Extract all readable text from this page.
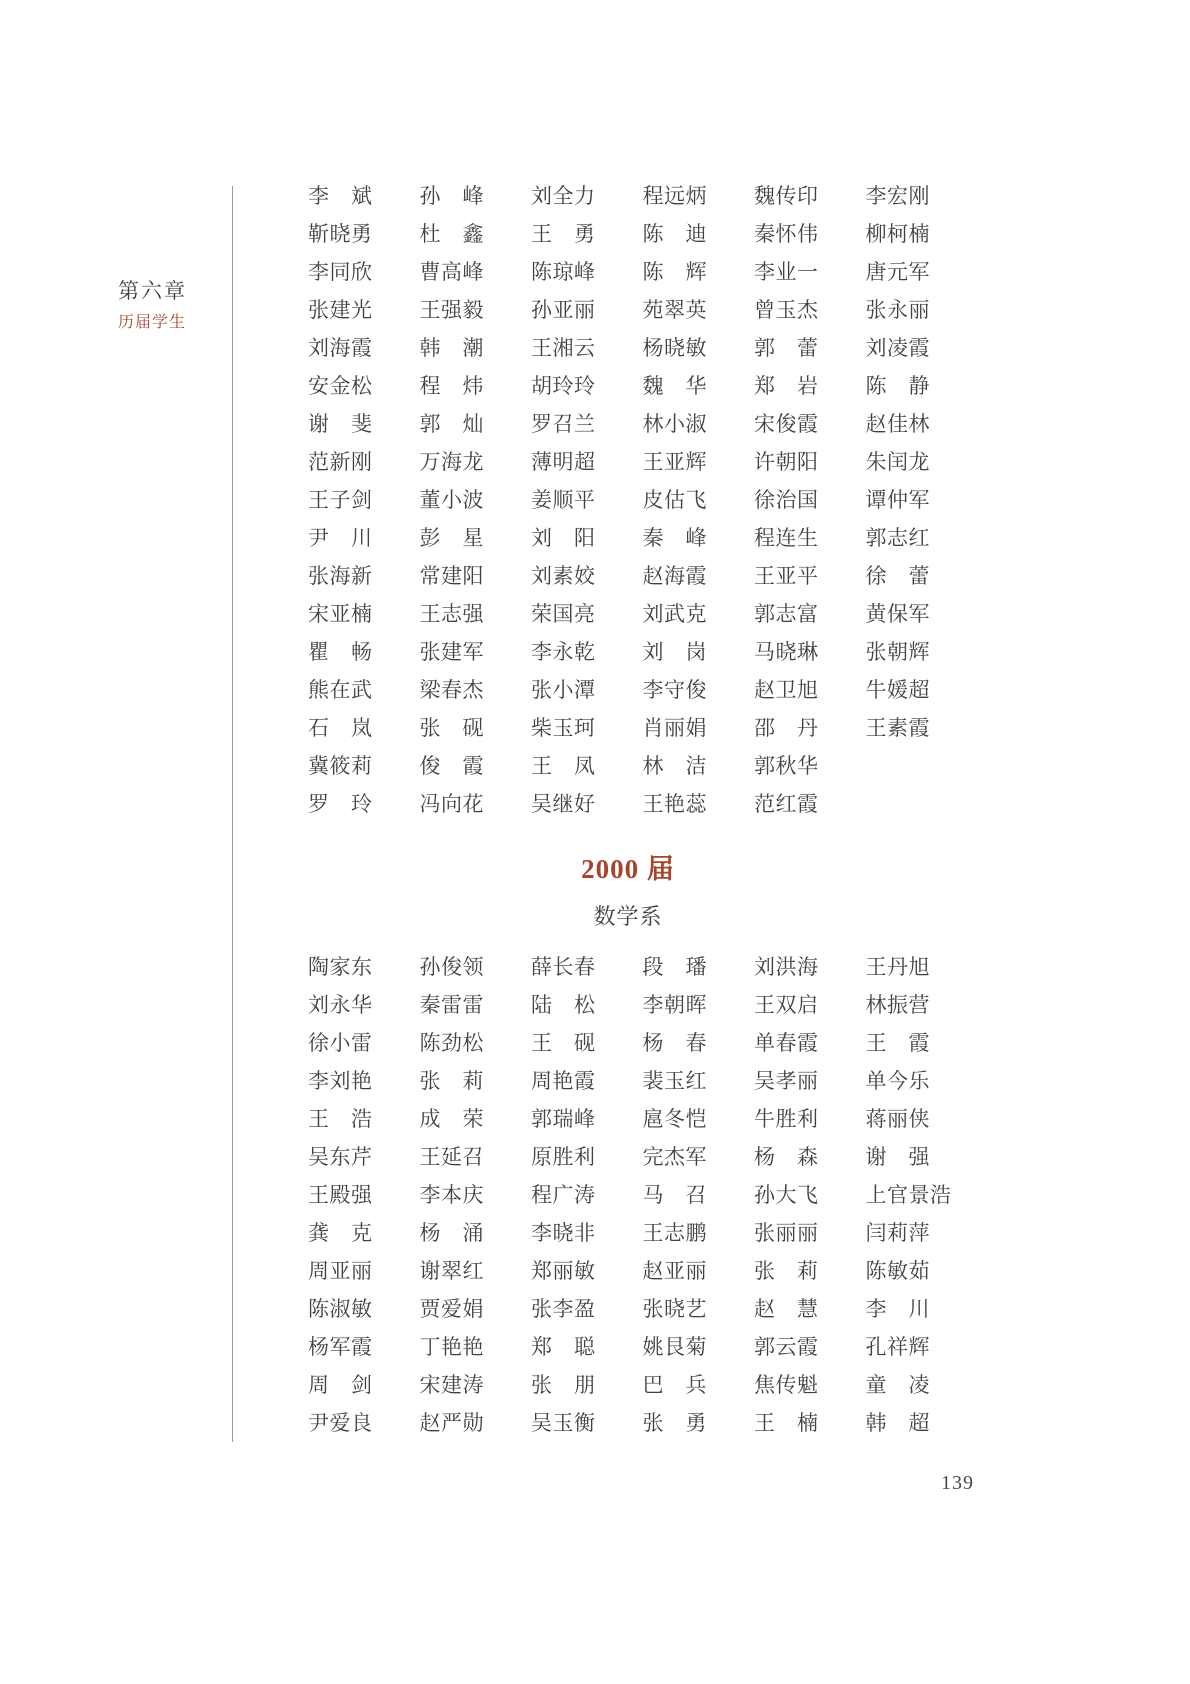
第六章
历届学生
李　斌	孙　峰	刘全力	程远炳	魏传印	李宏刚
靳晓勇	杜　鑫	王　勇	陈　迪	秦怀伟	柳柯楠
李同欣	曹高峰	陈琼峰	陈　辉	李业一	唐元军
张建光	王强毅	孙亚丽	苑翠英	曾玉杰	张永丽
刘海霞	韩　潮	王湘云	杨晓敏	郭　蕾	刘凌霞
安金松	程　炜	胡玲玲	魏　华	郑　岩	陈　静
谢　斐	郭　灿	罗召兰	林小淑	宋俊霞	赵佳林
范新刚	万海龙	薄明超	王亚辉	许朝阳	朱闰龙
王子剑	董小波	姜顺平	皮估飞	徐治国	谭仲军
尹　川	彭　星	刘　阳	秦　峰	程连生	郭志红
张海新	常建阳	刘素姣	赵海霞	王亚平	徐　蕾
宋亚楠	王志强	荣国亮	刘武克	郭志富	黄保军
瞿　畅	张建军	李永乾	刘　岗	马晓琳	张朝辉
熊在武	梁春杰	张小潭	李守俊	赵卫旭	牛媛超
石　岚	张　砚	柴玉珂	肖丽娟	邵　丹	王素霞
冀筱莉	俊　霞	王　凤	林　洁	郭秋华
罗　玲	冯向花	吴继好	王艳蕊	范红霞
2000 届
数学系
陶家东	孙俊领	薛长春	段　璠	刘洪海	王丹旭
刘永华	秦雷雷	陆　松	李朝晖	王双启	林振营
徐小雷	陈劲松	王　砚	杨　春	单春霞	王　霞
李刘艳	张　莉	周艳霞	裴玉红	吴孝丽	单今乐
王　浩	成　荣	郭瑞峰	扈冬恺	牛胜利	蒋丽侠
吴东芹	王延召	原胜利	完杰军	杨　森	谢　强
王殿强	李本庆	程广涛	马　召	孙大飞	上官景浩
龚　克	杨　涌	李晓非	王志鹏	张丽丽	闫莉萍
周亚丽	谢翠红	郑丽敏	赵亚丽	张　莉	陈敏茹
陈淑敏	贾爱娟	张李盈	张晓艺	赵　慧	李　川
杨军霞	丁艳艳	郑　聪	姚艮菊	郭云霞	孔祥辉
周　剑	宋建涛	张　朋	巴　兵	焦传魁	童　凌
尹爱良	赵严勋	吴玉衡	张　勇	王　楠	韩　超
139
